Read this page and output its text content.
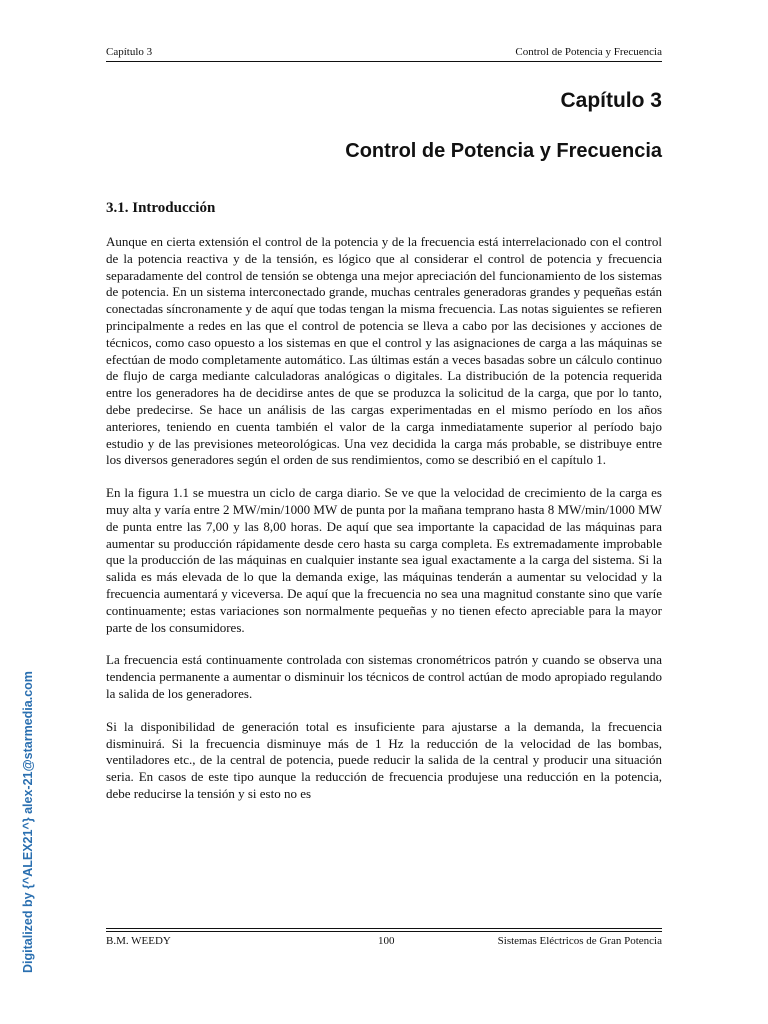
Capítulo 3	Control de Potencia y Frecuencia
Capítulo 3
Control de Potencia y Frecuencia
3.1. Introducción

Aunque en cierta extensión el control de la potencia y de la frecuencia está interrelacionado con el control de la potencia reactiva y de la tensión, es lógico que al considerar el control de potencia y frecuencia separadamente del control de tensión se obtenga una mejor apreciación del funcionamiento de los sistemas de potencia. En un sistema interconectado grande, muchas centrales generadoras grandes y pequeñas están conectadas síncronamente y de aquí que todas tengan la misma frecuencia. Las notas siguientes se refieren principalmente a redes en las que el control de potencia se lleva a cabo por las decisiones y acciones de técnicos, como caso opuesto a los sistemas en que el control y las asignaciones de carga a las máquinas se efectúan de modo completamente automático. Las últimas están a veces basadas sobre un cálculo continuo de flujo de carga mediante calculadoras analógicas o digitales. La distribución de la potencia requerida entre los generadores ha de decidirse antes de que se produzca la solicitud de la carga, que por lo tanto, debe predecirse. Se hace un análisis de las cargas experimentadas en el mismo período en los años anteriores, teniendo en cuenta también el valor de la carga inmediatamente superior al período bajo estudio y de las previsiones meteorológicas. Una vez decidida la carga más probable, se distribuye entre los diversos generadores según el orden de sus rendimientos, como se describió en el capítulo 1.

En la figura 1.1 se muestra un ciclo de carga diario. Se ve que la velocidad de crecimiento de la carga es muy alta y varía entre 2 MW/min/1000 MW de punta por la mañana temprano hasta 8 MW/min/1000 MW de punta entre las 7,00 y las 8,00 horas. De aquí que sea importante la capacidad de las máquinas para aumentar su producción rápidamente desde cero hasta su carga completa. Es extremadamente improbable que la producción de las máquinas en cualquier instante sea igual exactamente a la carga del sistema. Si la salida es más elevada de lo que la demanda exige, las máquinas tenderán a aumentar su velocidad y la frecuencia aumentará y viceversa. De aquí que la frecuencia no sea una magnitud constante sino que varíe continuamente; estas variaciones son normalmente pequeñas y no tienen efecto apreciable para la mayor parte de los consumidores.

La frecuencia está continuamente controlada con sistemas cronométricos patrón y cuando se observa una tendencia permanente a aumentar o disminuir los técnicos de control actúan de modo apropiado regulando la salida de los generadores.

Si la disponibilidad de generación total es insuficiente para ajustarse a la demanda, la frecuencia disminuirá. Si la frecuencia disminuye más de 1 Hz la reducción de la velocidad de las bombas, ventiladores etc., de la central de potencia, puede reducir la salida de la central y producir una situación seria. En casos de este tipo aunque la reducción de frecuencia produjese una reducción en la potencia, debe reducirse la tensión y si esto no es

B.M. WEEDY	100	Sistemas Eléctricos de Gran Potencia
Digitalized by {^ALEX21^} alex-21@starmedia.com
